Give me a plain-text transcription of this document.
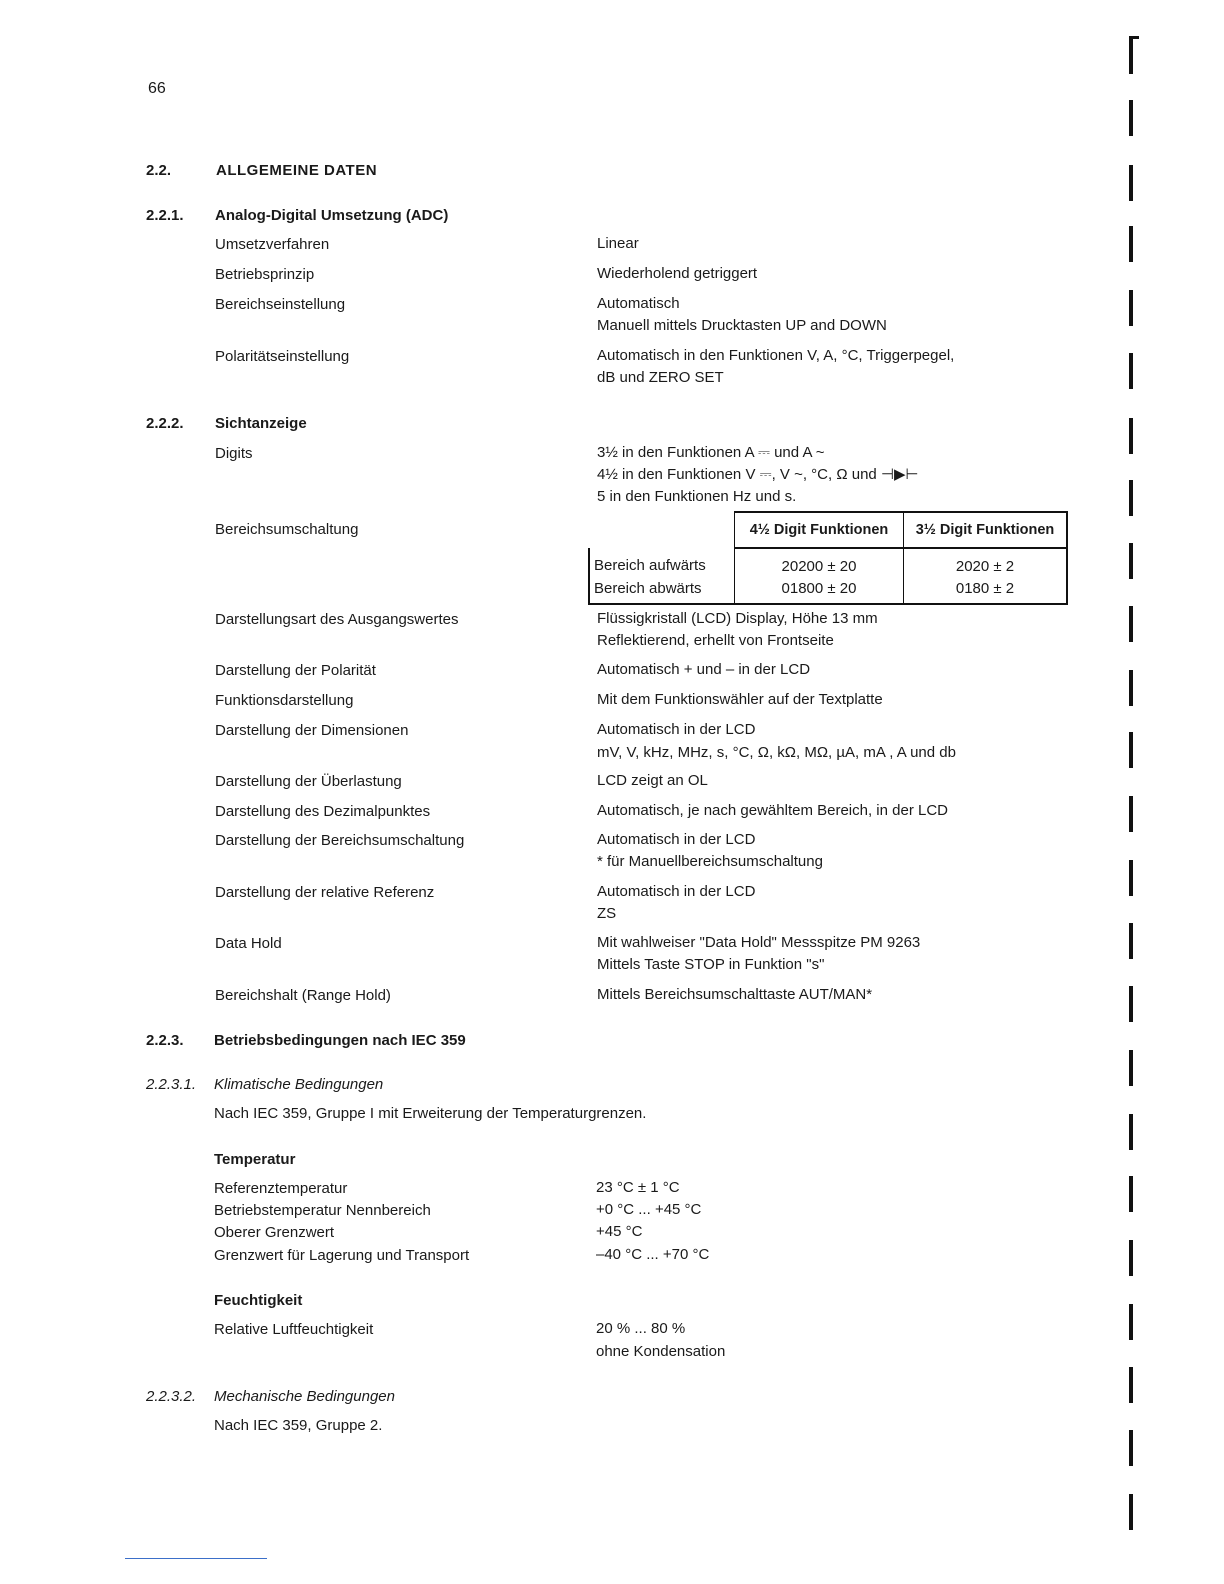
66
2.2.	ALLGEMEINE DATEN
2.2.1. Analog-Digital Umsetzung (ADC)
Umsetzverfahren	Linear
Betriebsprinzip	Wiederholend getriggert
Bereichseinstellung	Automatisch
Manuell mittels Drucktasten UP and DOWN
Polaritätseinstellung	Automatisch in den Funktionen V, A, °C, Triggerpegel,
dB und ZERO SET
2.2.2. Sichtanzeige
Digits	3½ in den Funktionen A ⎓ und A ~
4½ in den Funktionen V ⎓, V ~, °C, Ω und ⊣▶⊢
5 in den Funktionen Hz und s.
Bereichsumschaltung
		4½ Digit Funktionen	3½ Digit Funktionen
Bereich aufwärts	20200 ± 20	2020 ± 2
Bereich abwärts	01800 ± 20	0180 ± 2
Darstellungsart des Ausgangswertes	Flüssigkristall (LCD) Display, Höhe 13 mm
Reflektierend, erhellt von Frontseite
Darstellung der Polarität	Automatisch + und – in der LCD
Funktionsdarstellung	Mit dem Funktionswähler auf der Textplatte
Darstellung der Dimensionen	Automatisch in der LCD
mV, V, kHz, MHz, s, °C, Ω, kΩ, MΩ, µA, mA , A und db
Darstellung der Überlastung	LCD zeigt an OL
Darstellung des Dezimalpunktes	Automatisch, je nach gewähltem Bereich, in der LCD
Darstellung der Bereichsumschaltung	Automatisch in der LCD
* für Manuellbereichsumschaltung
Darstellung der relative Referenz	Automatisch in der LCD
ZS
Data Hold	Mit wahlweiser "Data Hold" Messspitze PM 9263
Mittels Taste STOP in Funktion "s"
Bereichshalt (Range Hold)	Mittels Bereichsumschalttaste AUT/MAN*
2.2.3. Betriebsbedingungen nach IEC 359
2.2.3.1. Klimatische Bedingungen
Nach IEC 359, Gruppe I mit Erweiterung der Temperaturgrenzen.
Temperatur
Referenztemperatur	23 °C ± 1 °C
Betriebstemperatur Nennbereich	+0 °C ... +45 °C
Oberer Grenzwert	+45 °C
Grenzwert für Lagerung und Transport	–40 °C ... +70 °C
Feuchtigkeit
Relative Luftfeuchtigkeit	20 % ... 80 %
ohne Kondensation
2.2.3.2. Mechanische Bedingungen
Nach IEC 359, Gruppe 2.
